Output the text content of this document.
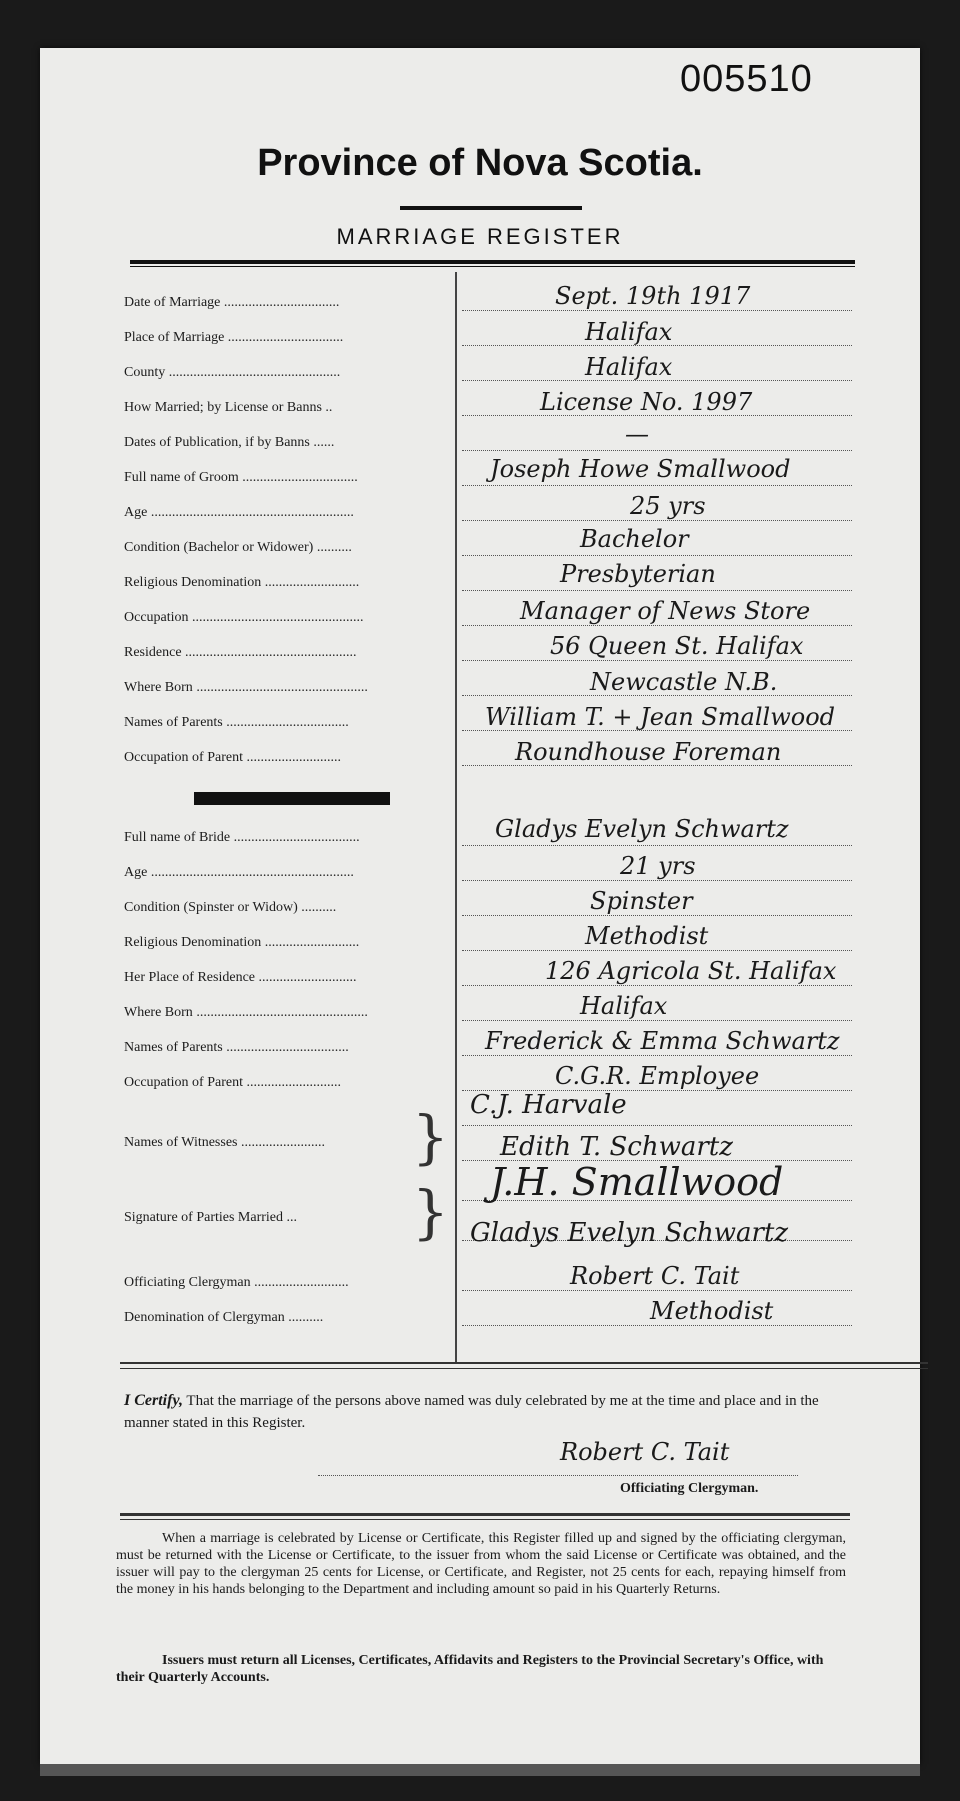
005510
Province of Nova Scotia.
MARRIAGE REGISTER
Date of Marriage .................................	Sept. 19th 1917
Place of Marriage .................................	Halifax
County .................................................	Halifax
How Married; by License or Banns ..	License No. 1997
Dates of Publication, if by Banns ......	—
Full name of Groom .................................	Joseph Howe Smallwood
Age ..........................................................	25 yrs
Condition (Bachelor or Widower) ..........	Bachelor
Religious Denomination ...........................	Presbyterian
Occupation .................................................	Manager of News Store
Residence .................................................	56 Queen St. Halifax
Where Born .................................................	Newcastle N.B.
Names of Parents ...................................	William T. + Jean Smallwood
Occupation of Parent ...........................	Roundhouse Foreman
Full name of Bride ....................................	Gladys Evelyn Schwartz
Age ..........................................................	21 yrs
Condition (Spinster or Widow) ..........	Spinster
Religious Denomination ...........................	Methodist
Her Place of Residence ............................	126 Agricola St. Halifax
Where Born .................................................	Halifax
Names of Parents ...................................	Frederick & Emma Schwartz
Occupation of Parent ...........................	C.G.R. Employee
Names of Witnesses ........................	} C.J. Harvale
Edith T. Schwartz
Signature of Parties Married ...	} J.H. Smallwood
Gladys Evelyn Schwartz
Officiating Clergyman ...........................	Robert C. Tait
Denomination of Clergyman ..........	Methodist
I Certify, That the marriage of the persons above named was duly celebrated by me at the time and place and in the manner stated in this Register.
Robert C. Tait
Officiating Clergyman.
When a marriage is celebrated by License or Certificate, this Register filled up and signed by the officiating clergyman, must be returned with the License or Certificate, to the issuer from whom the said License or Certificate was obtained, and the issuer will pay to the clergyman 25 cents for License, or Certificate, and Register, not 25 cents for each, repaying himself from the money in his hands belonging to the Department and including amount so paid in his Quarterly Returns.
Issuers must return all Licenses, Certificates, Affidavits and Registers to the Provincial Secretary's Office, with their Quarterly Accounts.
